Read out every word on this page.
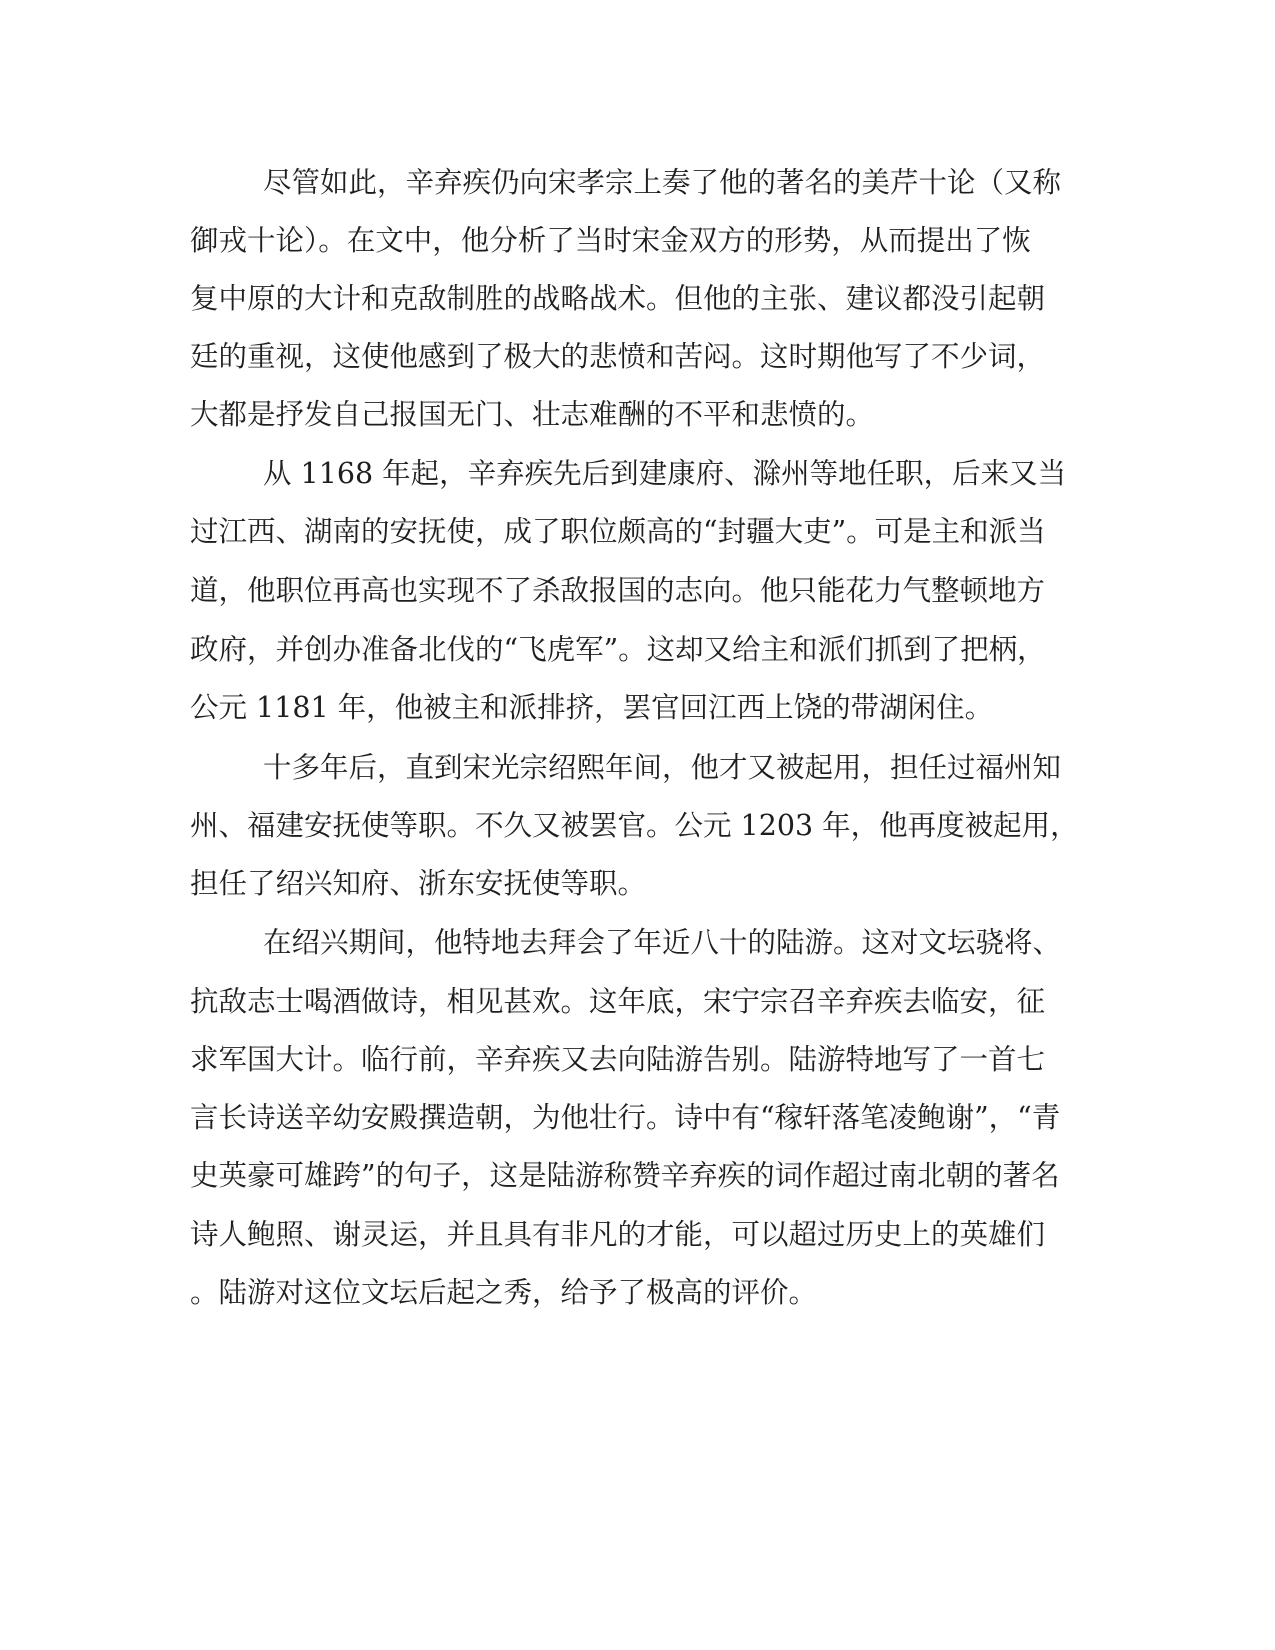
尽管如此，辛弃疾仍向宋孝宗上奏了他的著名的美芹十论（又称

御戎十论）。在文中，他分析了当时宋金双方的形势，从而提出了恢

复中原的大计和克敌制胜的战略战术。但他的主张、建议都没引起朝

廷的重视，这使他感到了极大的悲愤和苦闷。这时期他写了不少词，

大都是抒发自己报国无门、壮志难酬的不平和悲愤的。

从 1168 年起，辛弃疾先后到建康府、滁州等地任职，后来又当

过江西、湖南的安抚使，成了职位颇高的“封疆大吏”。可是主和派当

道，他职位再高也实现不了杀敌报国的志向。他只能花力气整顿地方

政府，并创办准备北伐的“飞虎军”。这却又给主和派们抓到了把柄，

公元 1181 年，他被主和派排挤，罢官回江西上饶的带湖闲住。

十多年后，直到宋光宗绍熙年间，他才又被起用，担任过福州知

州、福建安抚使等职。不久又被罢官。公元 1203 年，他再度被起用，

担任了绍兴知府、浙东安抚使等职。

在绍兴期间，他特地去拜会了年近八十的陆游。这对文坛骁将、

抗敌志士喝酒做诗，相见甚欢。这年底，宋宁宗召辛弃疾去临安，征

求军国大计。临行前，辛弃疾又去向陆游告别。陆游特地写了一首七

言长诗送辛幼安殿撰造朝，为他壮行。诗中有“稼轩落笔凌鲍谢”，“青

史英豪可雄跨”的句子，这是陆游称赞辛弃疾的词作超过南北朝的著名

诗人鲍照、谢灵运，并且具有非凡的才能，可以超过历史上的英雄们

。陆游对这位文坛后起之秀，给予了极高的评价。
